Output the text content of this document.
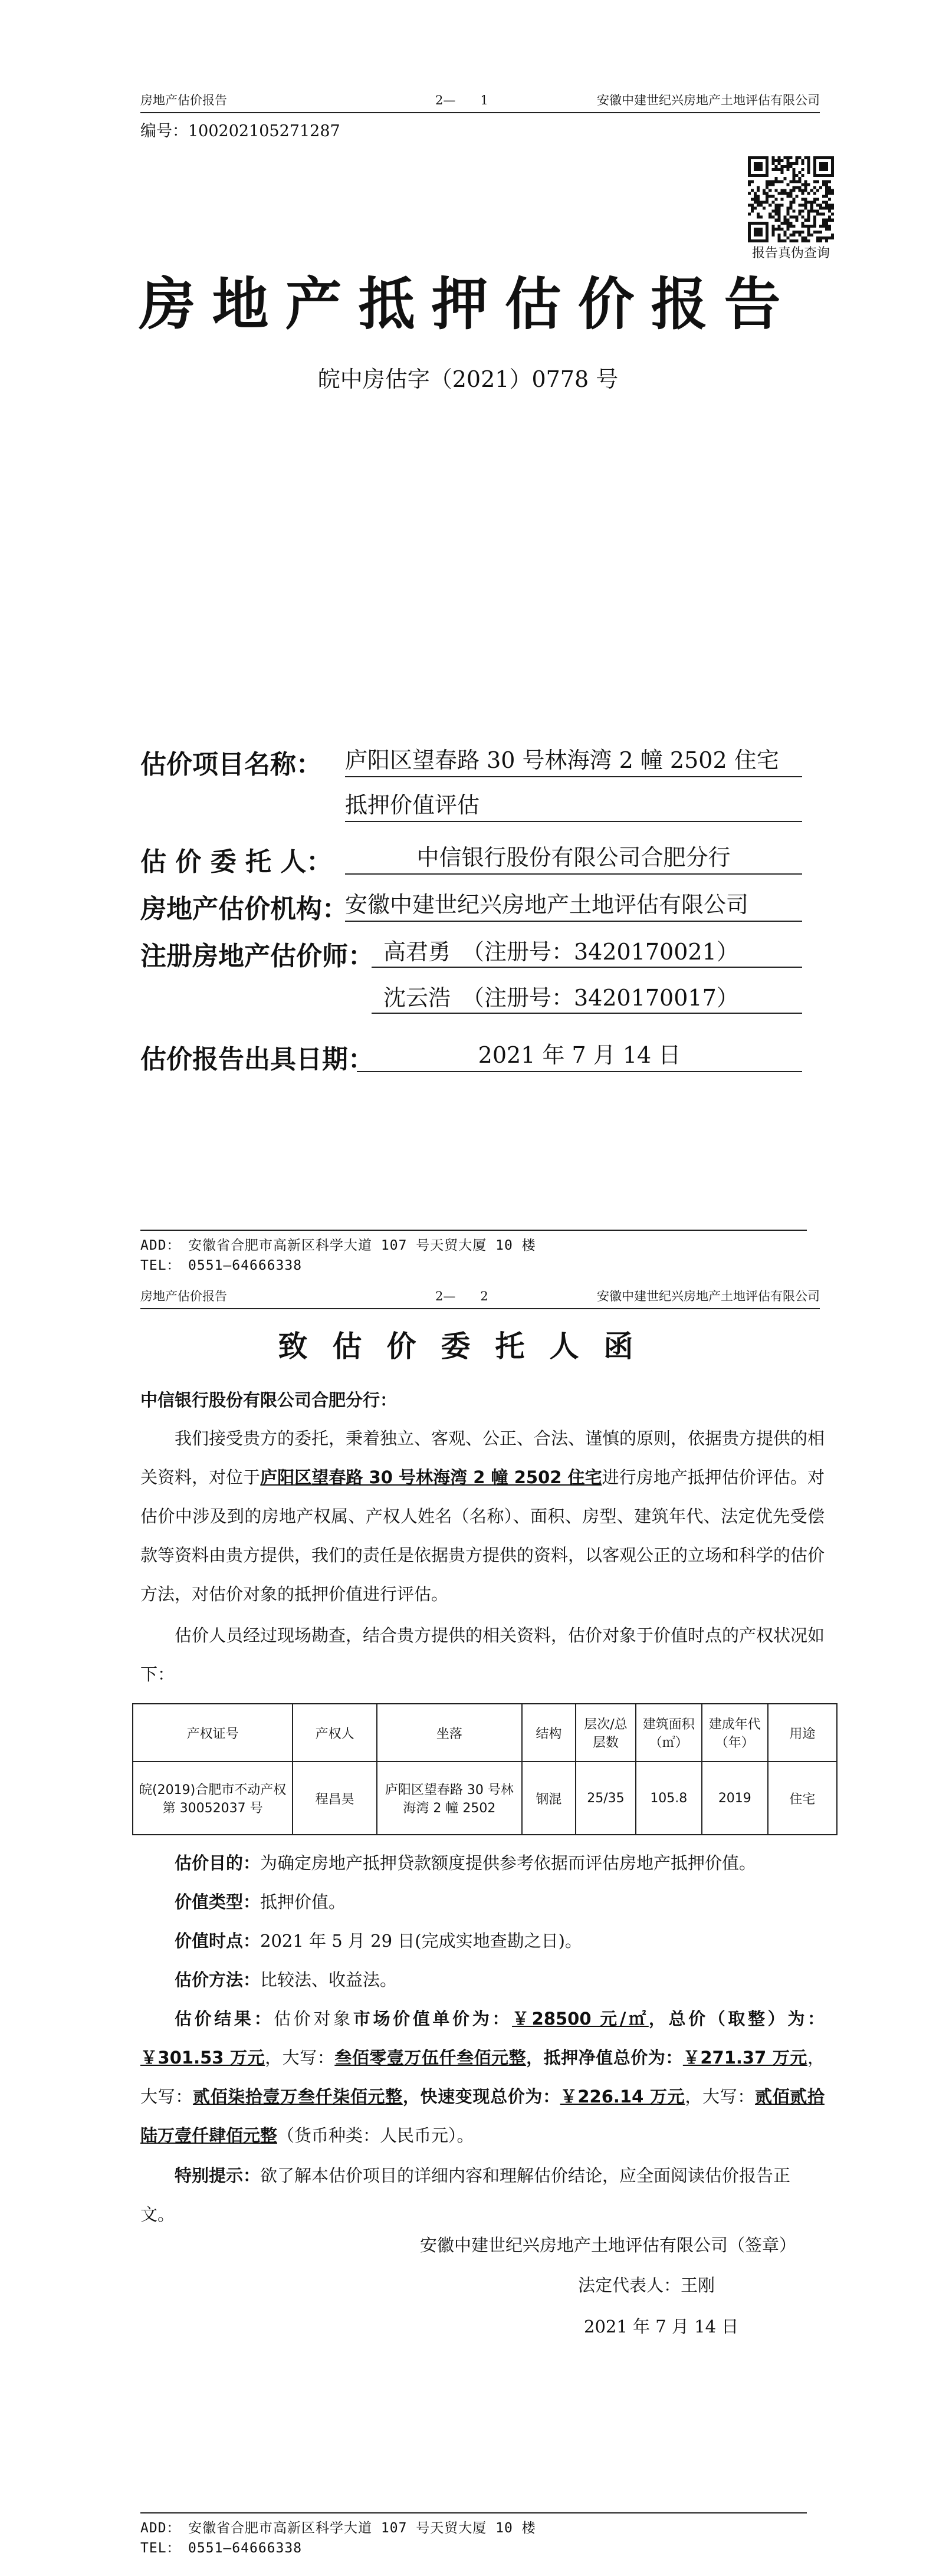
房地产估价报告	2—　　1	安徽中建世纪兴房地产土地评估有限公司
编号：100202105271287
报告真伪查询
房地产抵押估价报告
皖中房估字（2021）0778 号
估价项目名称： 庐阳区望春路 30 号林海湾 2 幢 2502 住宅
抵押价值评估
估 价 委 托 人：	中信银行股份有限公司合肥分行
房地产估价机构：
安徽中建世纪兴房地产土地评估有限公司
注册房地产估价师： 高君勇　（注册号：3420170021）
沈云浩　（注册号：3420170017）
估价报告出具日期：	2021 年 7 月 14 日
ADD：　安徽省合肥市高新区科学大道 107 号天贸大厦 10 楼
TEL：　0551—64666338
房地产估价报告	2—　　2	安徽中建世纪兴房地产土地评估有限公司
致估价委托人函
中信银行股份有限公司合肥分行：

我们接受贵方的委托，秉着独立、客观、公正、合法、谨慎的原则，依据贵方提供的相关资料，对位于庐阳区望春路 30 号林海湾 2 幢 2502 住宅进行房地产抵押估价评估。对估价中涉及到的房地产权属、产权人姓名（名称）、面积、房型、建筑年代、法定优先受偿款等资料由贵方提供，我们的责任是依据贵方提供的资料，以客观公正的立场和科学的估价方法，对估价对象的抵押价值进行评估。

估价人员经过现场勘查，结合贵方提供的相关资料，估价对象于价值时点的产权状况如下：

产权证号	产权人	坐落	结构	层次/总层数	建筑面积（㎡）	建成年代（年）	用途
皖(2019)合肥市不动产权第 30052037 号	程昌昊	庐阳区望春路 30 号林海湾 2 幢 2502	钢混	25/35	105.8	2019	住宅

估价目的：为确定房地产抵押贷款额度提供参考依据而评估房地产抵押价值。

价值类型：抵押价值。

价值时点：2021 年 5 月 29 日(完成实地查勘之日)。

估价方法：比较法、收益法。

估价结果：估价对象市场价值单价为：￥28500 元/㎡，总价（取整）为：￥301.53 万元，大写：叁佰零壹万伍仟叁佰元整，抵押净值总价为：￥271.37 万元，大写：贰佰柒拾壹万叁仟柒佰元整，快速变现总价为：￥226.14 万元，大写：贰佰贰拾陆万壹仟肆佰元整（货币种类：人民币元）。

特别提示：欲了解本估价项目的详细内容和理解估价结论，应全面阅读估价报告正文。

安徽中建世纪兴房地产土地评估有限公司（签章）
法定代表人：王刚
2021 年 7 月 14 日
ADD：　安徽省合肥市高新区科学大道 107 号天贸大厦 10 楼
TEL：　0551—64666338
